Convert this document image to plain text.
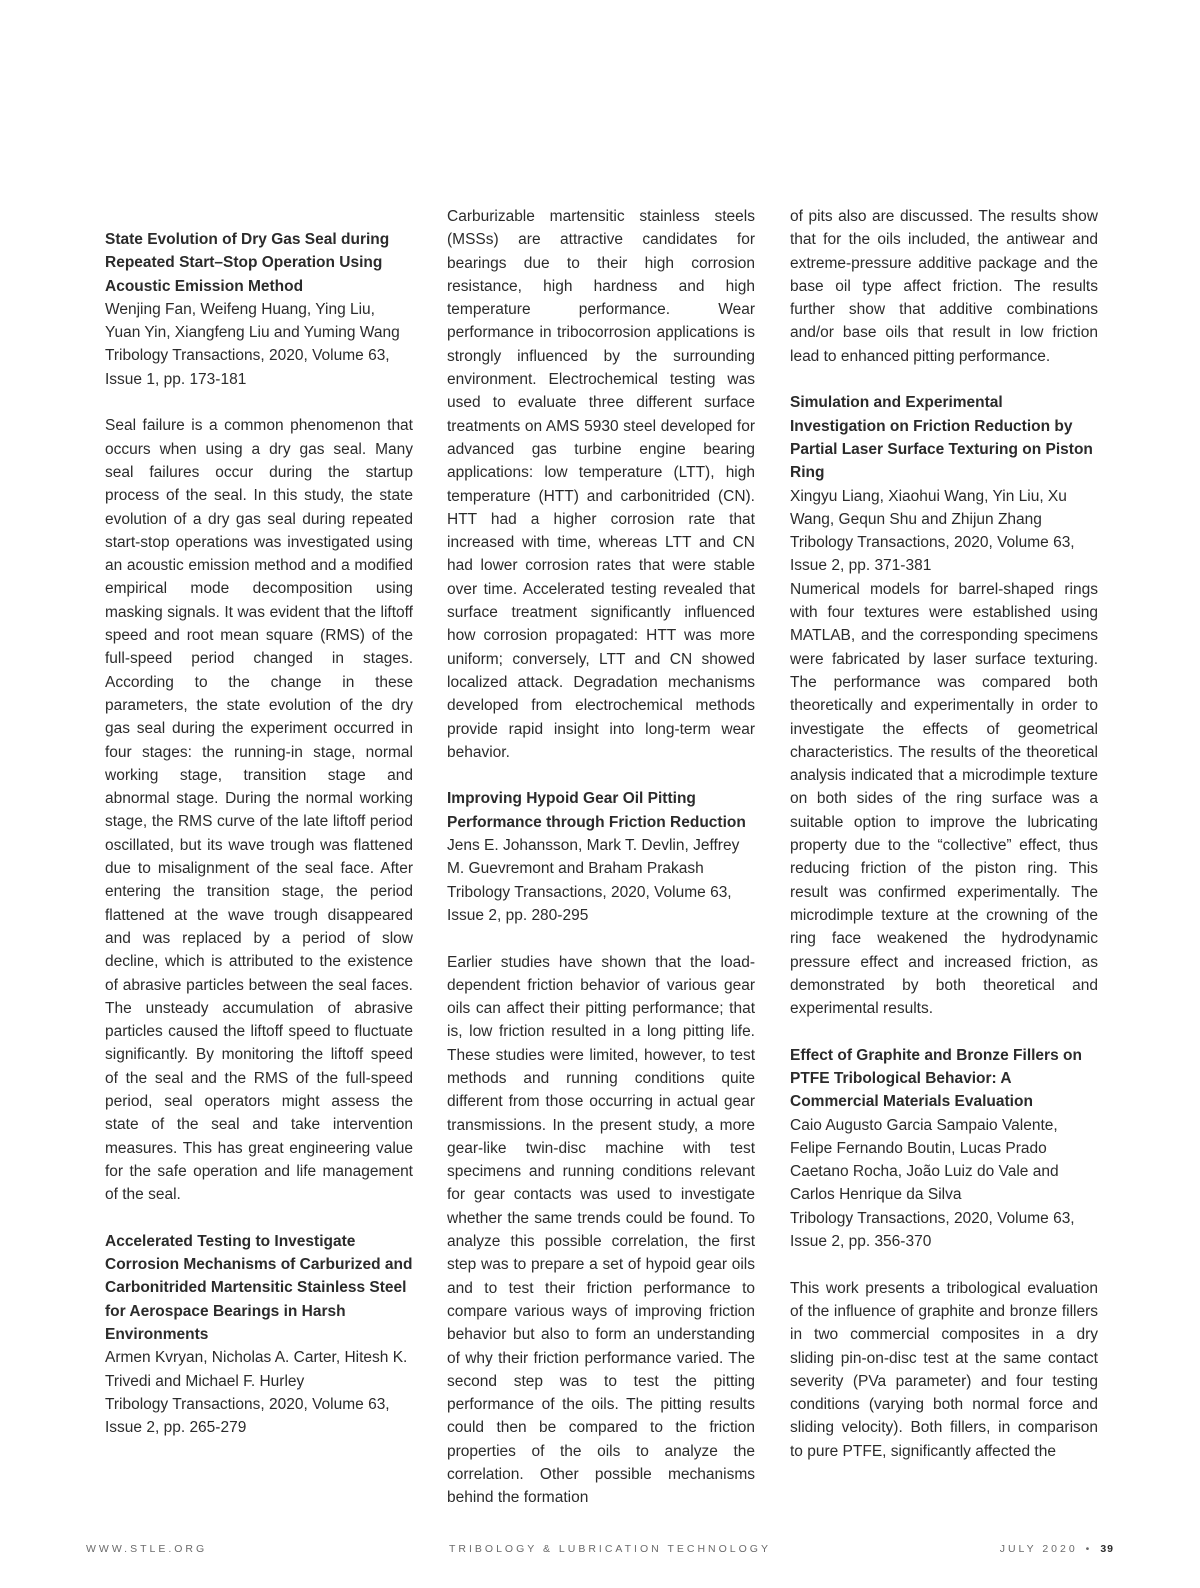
State Evolution of Dry Gas Seal during Repeated Start–Stop Operation Using Acoustic Emission Method

Wenjing Fan, Weifeng Huang, Ying Liu, Yuan Yin, Xiangfeng Liu and Yuming Wang

Tribology Transactions, 2020, Volume 63, Issue 1, pp. 173-181

Seal failure is a common phenomenon that occurs when using a dry gas seal. Many seal failures occur during the startup process of the seal. In this study, the state evolution of a dry gas seal during repeated start-stop operations was investigated using an acoustic emission method and a modified empirical mode decomposition using masking signals. It was evident that the liftoff speed and root mean square (RMS) of the full-speed period changed in stages. According to the change in these parameters, the state evolution of the dry gas seal during the experiment occurred in four stages: the running-in stage, normal working stage, transition stage and abnormal stage. During the normal working stage, the RMS curve of the late liftoff period oscillated, but its wave trough was flattened due to misalignment of the seal face. After entering the transition stage, the period flattened at the wave trough disappeared and was replaced by a period of slow decline, which is attributed to the existence of abrasive particles between the seal faces. The unsteady accumulation of abrasive particles caused the liftoff speed to fluctuate significantly. By monitoring the liftoff speed of the seal and the RMS of the full-speed period, seal operators might assess the state of the seal and take intervention measures. This has great engineering value for the safe operation and life management of the seal.

Accelerated Testing to Investigate Corrosion Mechanisms of Carburized and Carbonitrided Martensitic Stainless Steel for Aerospace Bearings in Harsh Environments

Armen Kvryan, Nicholas A. Carter, Hitesh K. Trivedi and Michael F. Hurley

Tribology Transactions, 2020, Volume 63, Issue 2, pp. 265-279

Carburizable martensitic stainless steels (MSSs) are attractive candidates for bearings due to their high corrosion resistance, high hardness and high temperature performance. Wear performance in tribocorrosion applications is strongly influenced by the surrounding environment. Electrochemical testing was used to evaluate three different surface treatments on AMS 5930 steel developed for advanced gas turbine engine bearing applications: low temperature (LTT), high temperature (HTT) and carbonitrided (CN). HTT had a higher corrosion rate that increased with time, whereas LTT and CN had lower corrosion rates that were stable over time. Accelerated testing revealed that surface treatment significantly influenced how corrosion propagated: HTT was more uniform; conversely, LTT and CN showed localized attack. Degradation mechanisms developed from electrochemical methods provide rapid insight into long-term wear behavior.

Improving Hypoid Gear Oil Pitting Performance through Friction Reduction

Jens E. Johansson, Mark T. Devlin, Jeffrey M. Guevremont and Braham Prakash

Tribology Transactions, 2020, Volume 63, Issue 2, pp. 280-295

Earlier studies have shown that the load-dependent friction behavior of various gear oils can affect their pitting performance; that is, low friction resulted in a long pitting life. These studies were limited, however, to test methods and running conditions quite different from those occurring in actual gear transmissions. In the present study, a more gear-like twin-disc machine with test specimens and running conditions relevant for gear contacts was used to investigate whether the same trends could be found. To analyze this possible correlation, the first step was to prepare a set of hypoid gear oils and to test their friction performance to compare various ways of improving friction behavior but also to form an understanding of why their friction performance varied. The second step was to test the pitting performance of the oils. The pitting results could then be compared to the friction properties of the oils to analyze the correlation. Other possible mechanisms behind the formation

of pits also are discussed. The results show that for the oils included, the antiwear and extreme-pressure additive package and the base oil type affect friction. The results further show that additive combinations and/or base oils that result in low friction lead to enhanced pitting performance.

Simulation and Experimental Investigation on Friction Reduction by Partial Laser Surface Texturing on Piston Ring

Xingyu Liang, Xiaohui Wang, Yin Liu, Xu Wang, Gequn Shu and Zhijun Zhang

Tribology Transactions, 2020, Volume 63, Issue 2, pp. 371-381

Numerical models for barrel-shaped rings with four textures were established using MATLAB, and the corresponding specimens were fabricated by laser surface texturing. The performance was compared both theoretically and experimentally in order to investigate the effects of geometrical characteristics. The results of the theoretical analysis indicated that a microdimple texture on both sides of the ring surface was a suitable option to improve the lubricating property due to the “collective” effect, thus reducing friction of the piston ring. This result was confirmed experimentally. The microdimple texture at the crowning of the ring face weakened the hydrodynamic pressure effect and increased friction, as demonstrated by both theoretical and experimental results.

Effect of Graphite and Bronze Fillers on PTFE Tribological Behavior: A Commercial Materials Evaluation

Caio Augusto Garcia Sampaio Valente, Felipe Fernando Boutin, Lucas Prado Caetano Rocha, João Luiz do Vale and Carlos Henrique da Silva

Tribology Transactions, 2020, Volume 63, Issue 2, pp. 356-370

This work presents a tribological evaluation of the influence of graphite and bronze fillers in two commercial composites in a dry sliding pin-on-disc test at the same contact severity (PVa parameter) and four testing conditions (varying both normal force and sliding velocity). Both fillers, in comparison to pure PTFE, significantly affected the

WWW.STLE.ORG	TRIBOLOGY & LUBRICATION TECHNOLOGY	JULY 2020 • 39
